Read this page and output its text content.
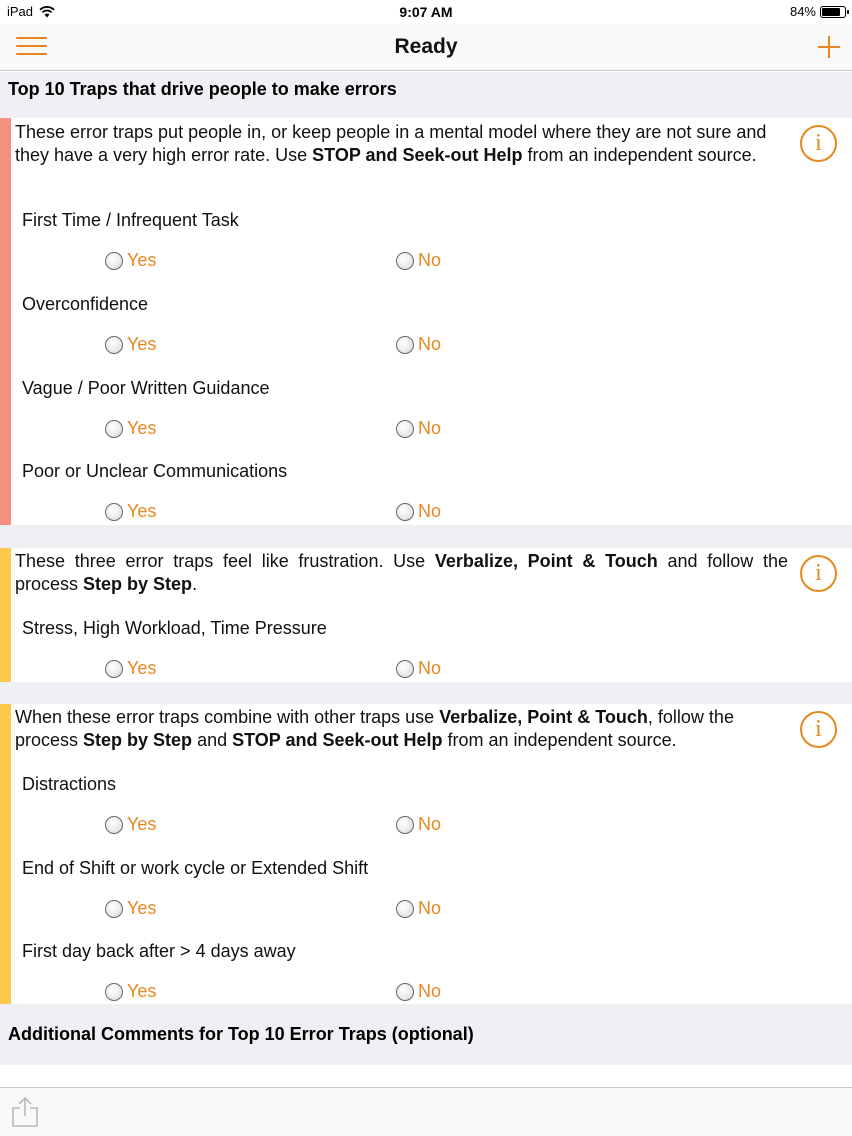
iPad	9:07 AM	84%
Ready
Top 10 Traps that drive people to make errors
These error traps put people in, or keep people in a mental model where they are not sure and they have a very high error rate. Use STOP and Seek-out Help from an independent source.	i
First Time / Infrequent Task
Yes	No
Overconfidence
Yes	No
Vague / Poor Written Guidance
Yes	No
Poor or Unclear Communications
Yes	No
These three error traps feel like frustration. Use Verbalize, Point & Touch and follow the process Step by Step.	i
Stress, High Workload, Time Pressure
Yes	No
When these error traps combine with other traps use Verbalize, Point & Touch, follow the process Step by Step and STOP and Seek-out Help from an independent source.	i
Distractions
Yes	No
End of Shift or work cycle or Extended Shift
Yes	No
First day back after > 4 days away
Yes	No
Additional Comments for Top 10 Error Traps (optional)
